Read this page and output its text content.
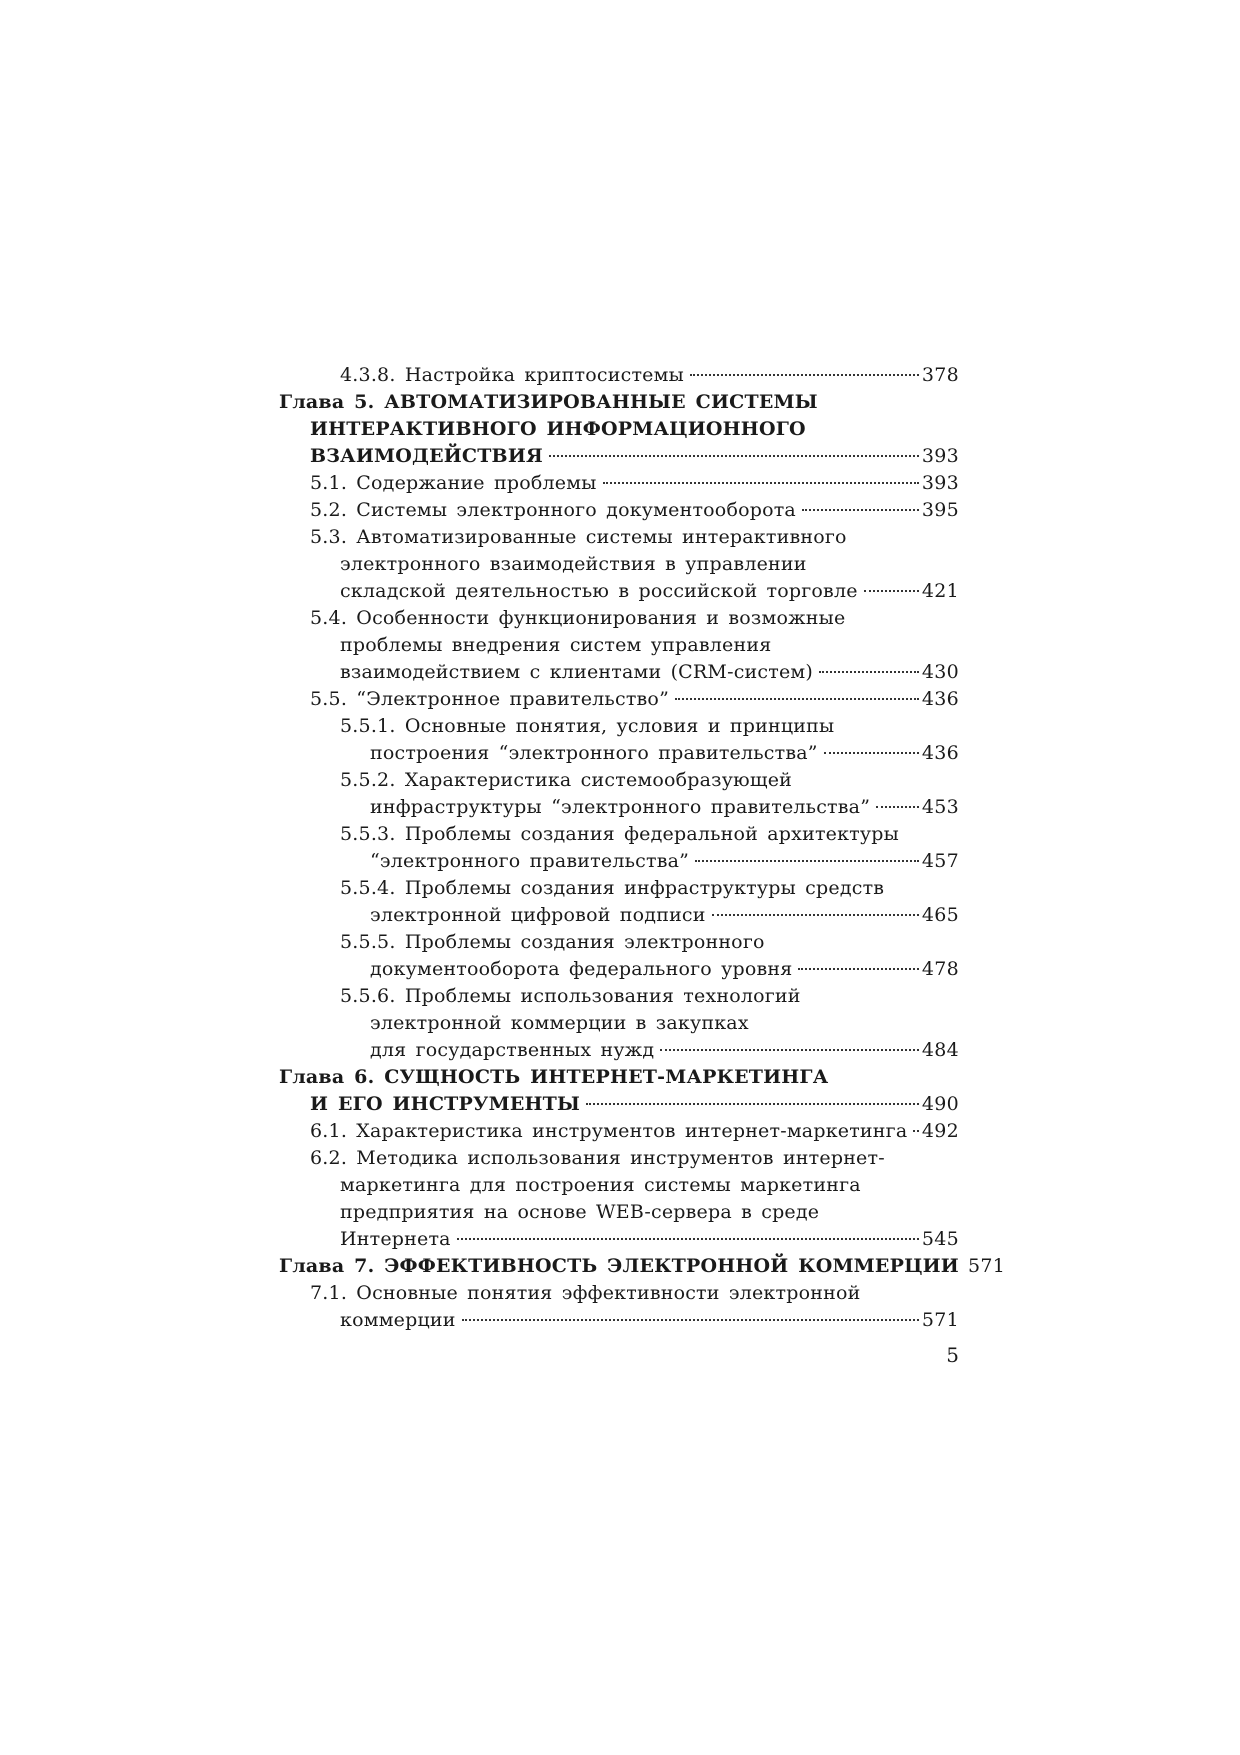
4.3.8. Настройка криптосистемы	378
Глава 5. АВТОМАТИЗИРОВАННЫЕ СИСТЕМЫ
ИНТЕРАКТИВНОГО ИНФОРМАЦИОННОГО
ВЗАИМОДЕЙСТВИЯ	393
5.1. Содержание проблемы	393
5.2. Системы электронного документооборота	395
5.3. Автоматизированные системы интерактивного
электронного взаимодействия в управлении
складской деятельностью в российской торговле	421
5.4. Особенности функционирования и возможные
проблемы внедрения систем управления
взаимодействием с клиентами (CRM-систем)	430
5.5. “Электронное правительство”	436
5.5.1. Основные понятия, условия и принципы
построения “электронного правительства”	436
5.5.2. Характеристика системообразующей
инфраструктуры “электронного правительства”	453
5.5.3. Проблемы создания федеральной архитектуры
“электронного правительства”	457
5.5.4. Проблемы создания инфраструктуры средств
электронной цифровой подписи	465
5.5.5. Проблемы создания электронного
документооборота федерального уровня	478
5.5.6. Проблемы использования технологий
электронной коммерции в закупках
для государственных нужд	484
Глава 6. СУЩНОСТЬ ИНТЕРНЕТ-МАРКЕТИНГА
И ЕГО ИНСТРУМЕНТЫ	490
6.1. Характеристика инструментов интернет-маркетинга 492
6.2. Методика использования инструментов интернет-
маркетинга для построения системы маркетинга
предприятия на основе WEB-сервера в среде
Интернета	545
Глава 7. ЭФФЕКТИВНОСТЬ ЭЛЕКТРОННОЙ КОММЕРЦИИ 571
7.1. Основные понятия эффективности электронной
коммерции	571
5
